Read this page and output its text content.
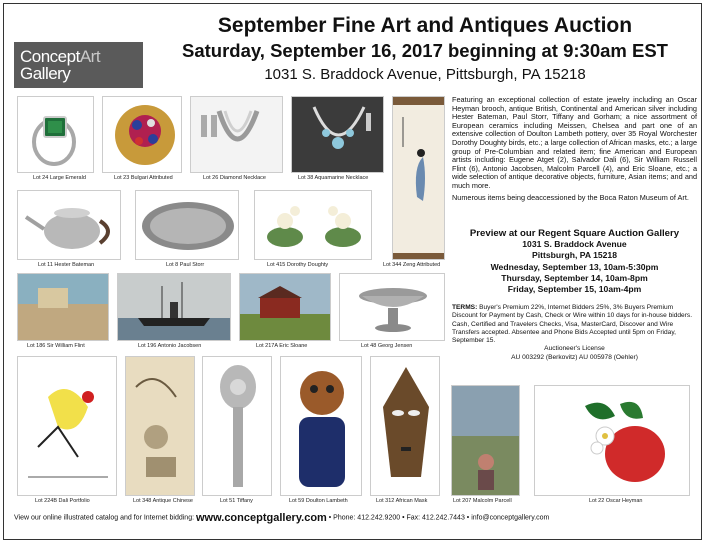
ConceptArt
Gallery
September Fine Art and Antiques Auction
Saturday, September 16, 2017 beginning at 9:30am EST
1031 S. Braddock Avenue, Pittsburgh, PA 15218
Lot 24 Large Emerald	Lot 23 Bulgari Attributed	Lot 26 Diamond Necklace	Lot 38 Aquamarine Necklace
Lot 11 Hester Bateman	Lot 8 Paul Storr	Lot 415 Dorothy Doughty	Lot 344 Zeng Attributed
Lot 186 Sir William Flint	Lot 196 Antonio Jacobsen	Lot 217A Eric Sloane	Lot 48 Georg Jensen
Lot 224B Dali Portfolio	Lot 348 Antique Chinese	Lot 51 Tiffany	Lot 59 Doulton Lambeth	Lot 312 African Mask	Lot 207 Malcolm Parcell	Lot 22 Oscar Heyman

Featuring an exceptional collection of estate jewelry including an Oscar Heyman brooch, antique British, Continental and American silver including Hester Bateman, Paul Storr, Tiffany and Gorham; a nice assortment of European ceramics including Meissen, Chelsea and part one of an extensive collection of Doulton Lambeth pottery, over 35 Royal Worchester Dorothy Doughty birds, etc.; a large collection of African masks, etc.; a large group of Pre-Columbian and related item; fine American and European artists including: Eugene Atget (2), Salvador Dali (6), Sir William Russell Flint (6), Antonio Jacobsen, Malcolm Parcell (4), and Eric Sloane, etc.; a wide selection of antique decorative objects, furniture, Asian items; and and much more.

Numerous items being deaccessioned by the Boca Raton Museum of Art.

Preview at our Regent Square Auction Gallery
1031 S. Braddock Avenue
Pittsburgh, PA 15218
Wednesday, September 13, 10am-5:30pm
Thursday, September 14, 10am-8pm
Friday, September 15, 10am-4pm
TERMS: Buyer's Premium 22%, Internet Bidders 25%, 3% Buyers Premium Discount for Payment by Cash, Check or Wire within 10 days for in-house bidders. Cash, Certified and Travelers Checks, Visa, MasterCard, Discover and Wire Transfers accepted. Absentee and Phone Bids Accepted until 5pm on Friday, September 15.
Auctioneer's License
AU 003292 (Berkovitz) AU 005978 (Oehler)
View our online illustrated catalog and for Internet bidding: www.conceptgallery.com • Phone: 412.242.9200 • Fax: 412.242.7443 • info@conceptgallery.com
